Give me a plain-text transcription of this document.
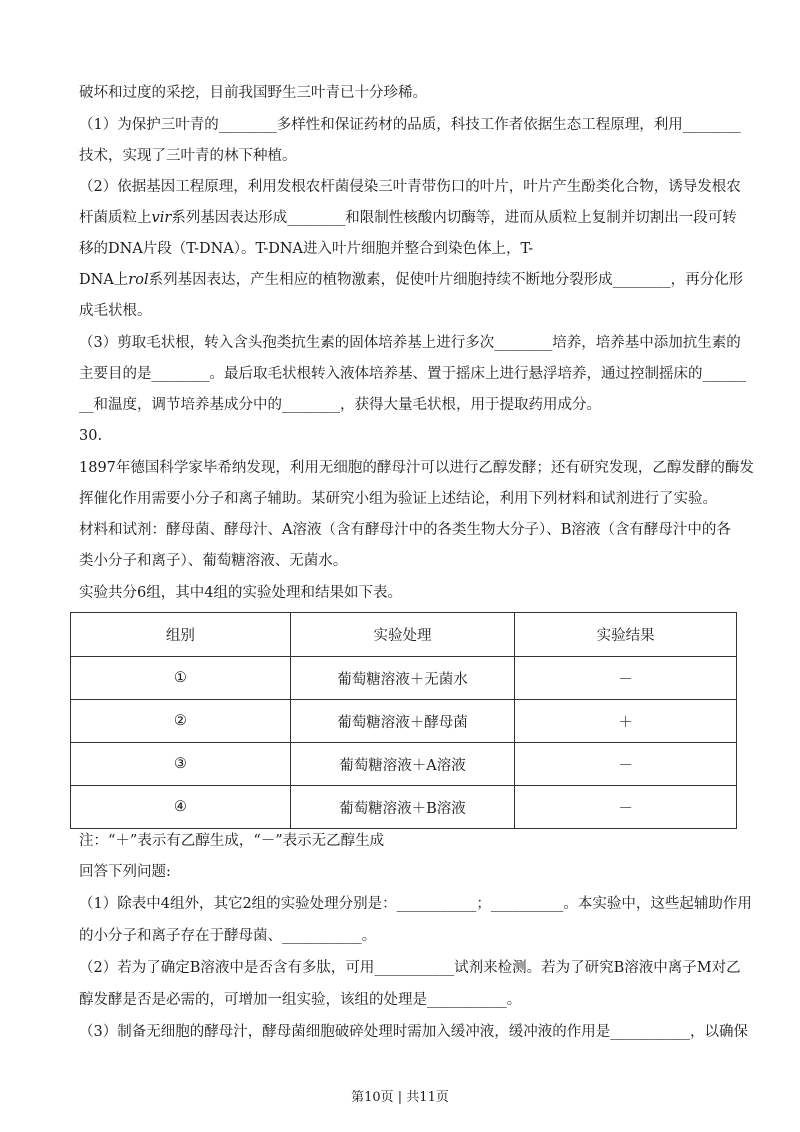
破坏和过度的采挖，目前我国野生三叶青已十分珍稀。
（1）为保护三叶青的________多样性和保证药材的品质，科技工作者依据生态工程原理，利用________
技术，实现了三叶青的林下种植。
（2）依据基因工程原理，利用发根农杆菌侵染三叶青带伤口的叶片，叶片产生酚类化合物，诱导发根农
杆菌质粒上vir系列基因表达形成________和限制性核酸内切酶等，进而从质粒上复制并切割出一段可转
移的DNA片段（T-DNA）。T-DNA进入叶片细胞并整合到染色体上，T-
DNA上rol系列基因表达，产生相应的植物激素，促使叶片细胞持续不断地分裂形成________，再分化形
成毛状根。
（3）剪取毛状根，转入含头孢类抗生素的固体培养基上进行多次________培养，培养基中添加抗生素的
主要目的是________。最后取毛状根转入液体培养基、置于摇床上进行悬浮培养，通过控制摇床的______
__和温度，调节培养基成分中的________，获得大量毛状根，用于提取药用成分。
30.
1897年德国科学家毕希纳发现，利用无细胞的酵母汁可以进行乙醇发酵；还有研究发现，乙醇发酵的酶发
挥催化作用需要小分子和离子辅助。某研究小组为验证上述结论，利用下列材料和试剂进行了实验。
材料和试剂：酵母菌、酵母汁、A溶液（含有酵母汁中的各类生物大分子）、B溶液（含有酵母汁中的各
类小分子和离子）、葡萄糖溶液、无菌水。
实验共分6组，其中4组的实验处理和结果如下表。
组别	实验处理	实验结果
①	葡萄糖溶液＋无菌水	－
②	葡萄糖溶液＋酵母菌	＋
③	葡萄糖溶液＋A溶液	－
④	葡萄糖溶液＋B溶液	－
注：“＋”表示有乙醇生成，“－”表示无乙醇生成
回答下列问题:
（1）除表中4组外，其它2组的实验处理分别是：___________；__________。本实验中，这些起辅助作用
的小分子和离子存在于酵母菌、___________。
（2）若为了确定B溶液中是否含有多肽，可用___________试剂来检测。若为了研究B溶液中离子M对乙
醇发酵是否是必需的，可增加一组实验，该组的处理是___________。
（3）制备无细胞的酵母汁，酵母菌细胞破碎处理时需加入缓冲液，缓冲液的作用是___________，以确保
第10页 | 共11页
